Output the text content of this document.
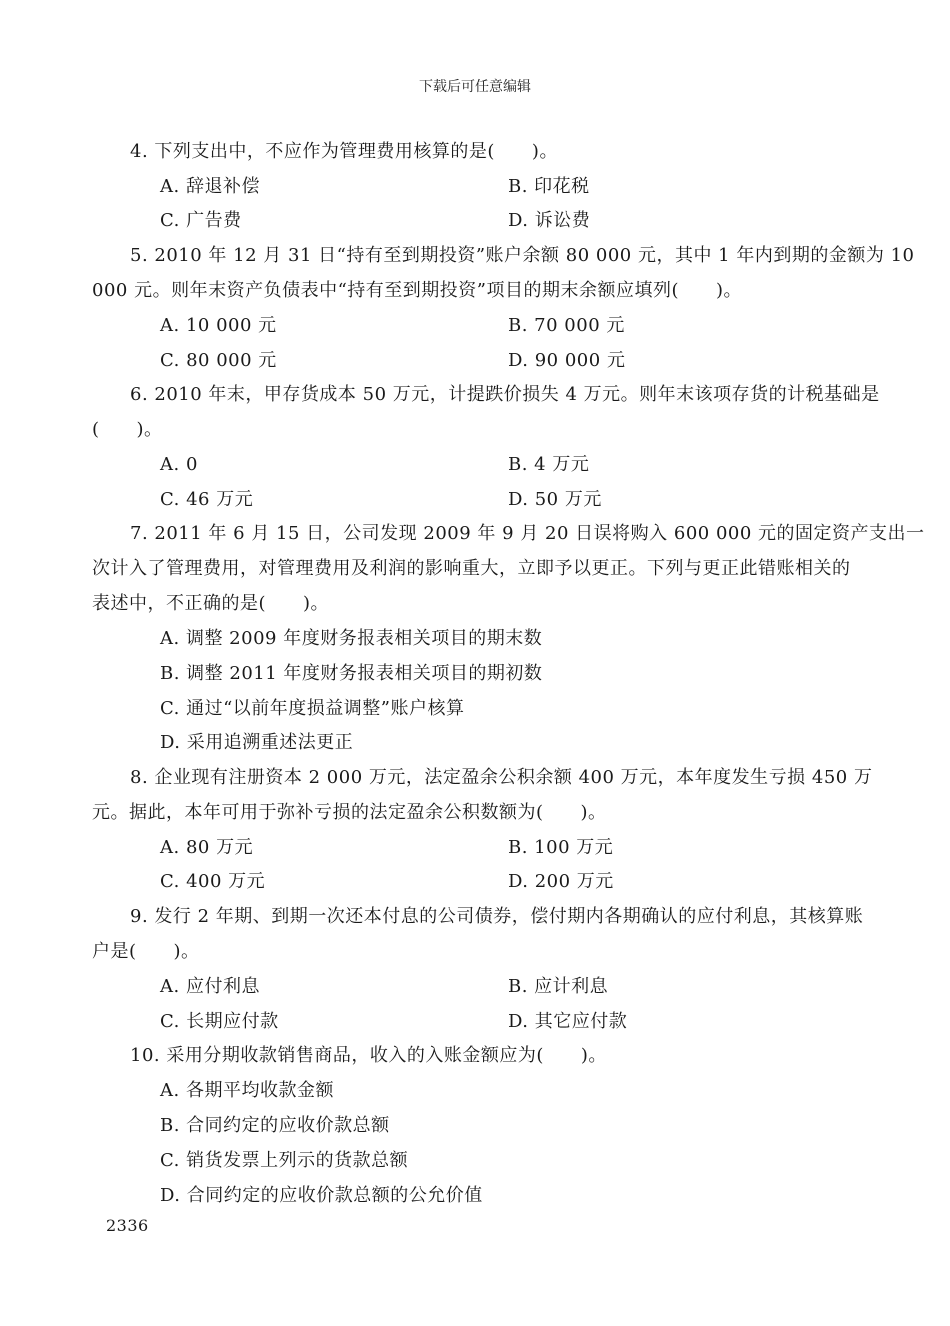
下载后可任意编辑
4. 下列支出中，不应作为管理费用核算的是(　　)。
A. 辞退补偿	B. 印花税
C. 广告费	D. 诉讼费
5. 2010 年 12 月 31 日“持有至到期投资”账户余额 80 000 元，其中 1 年内到期的金额为 10
000 元。则年末资产负债表中“持有至到期投资”项目的期末余额应填列(　　)。
A. 10 000 元	B. 70 000 元
C. 80 000 元	D. 90 000 元
6. 2010 年末，甲存货成本 50 万元，计提跌价损失 4 万元。则年末该项存货的计税基础是
(　　)。
A. 0	B. 4 万元
C. 46 万元	D. 50 万元
7. 2011 年 6 月 15 日，公司发现 2009 年 9 月 20 日误将购入 600 000 元的固定资产支出一
次计入了管理费用，对管理费用及利润的影响重大，立即予以更正。下列与更正此错账相关的
表述中，不正确的是(　　)。
A. 调整 2009 年度财务报表相关项目的期末数
B. 调整 2011 年度财务报表相关项目的期初数
C. 通过“以前年度损益调整”账户核算
D. 采用追溯重述法更正
8. 企业现有注册资本 2 000 万元，法定盈余公积余额 400 万元，本年度发生亏损 450 万
元。据此，本年可用于弥补亏损的法定盈余公积数额为(　　)。
A. 80 万元	B. 100 万元
C. 400 万元	D. 200 万元
9. 发行 2 年期、到期一次还本付息的公司债券，偿付期内各期确认的应付利息，其核算账
户是(　　)。
A. 应付利息	B. 应计利息
C. 长期应付款	D. 其它应付款
10. 采用分期收款销售商品，收入的入账金额应为(　　)。
A. 各期平均收款金额
B. 合同约定的应收价款总额
C. 销货发票上列示的货款总额
D. 合同约定的应收价款总额的公允价值
2336
